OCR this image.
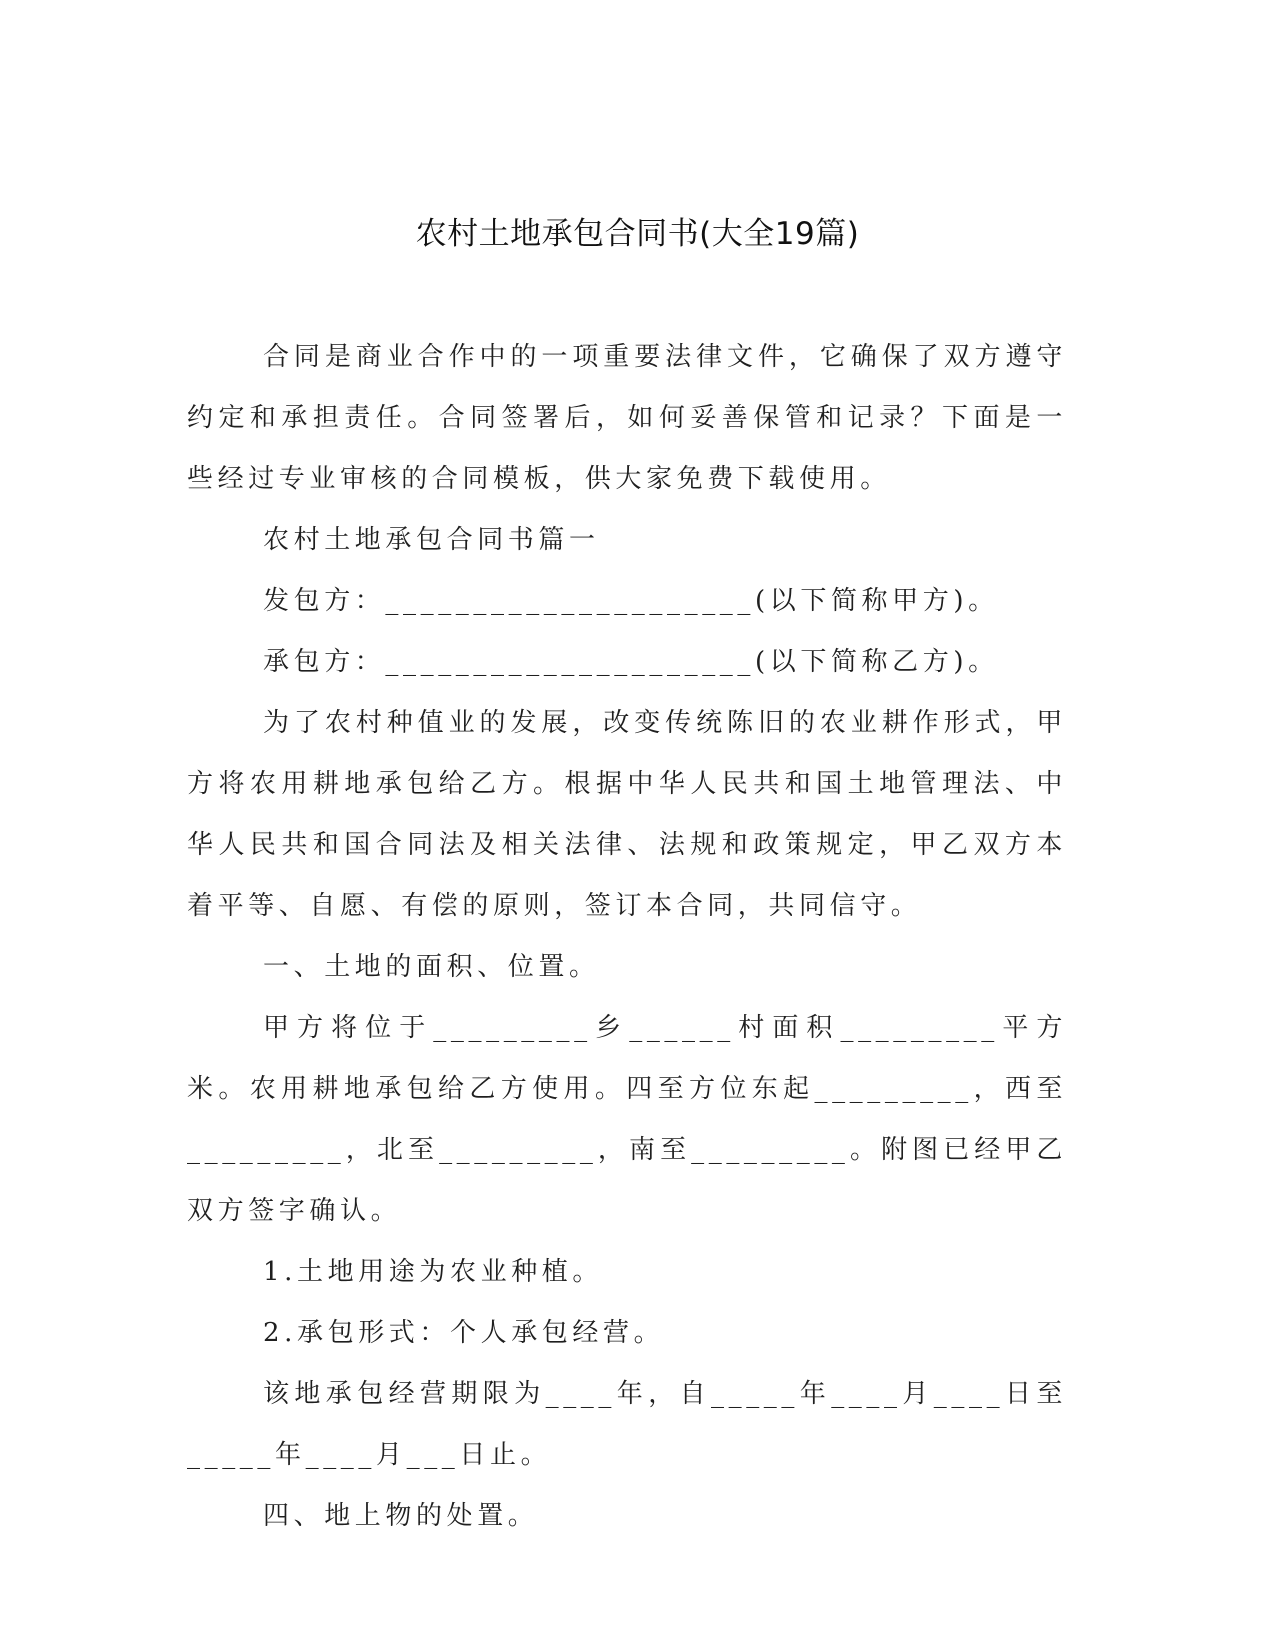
农村土地承包合同书(大全19篇)

合同是商业合作中的一项重要法律文件，它确保了双方遵守约定和承担责任。合同签署后，如何妥善保管和记录？下面是一些经过专业审核的合同模板，供大家免费下载使用。

农村土地承包合同书篇一

发包方：_____________________(以下简称甲方)。

承包方：_____________________(以下简称乙方)。

为了农村种值业的发展，改变传统陈旧的农业耕作形式，甲方将农用耕地承包给乙方。根据中华人民共和国土地管理法、中华人民共和国合同法及相关法律、法规和政策规定，甲乙双方本着平等、自愿、有偿的原则，签订本合同，共同信守。

一、土地的面积、位置。

甲方将位于_________乡______村面积_________平方米。农用耕地承包给乙方使用。四至方位东起_________，西至_________，北至_________，南至_________。附图已经甲乙双方签字确认。

1.土地用途为农业种植。

2.承包形式：个人承包经营。

该地承包经营期限为____年，自_____年____月____日至_____年____月___日止。

四、地上物的处置。
